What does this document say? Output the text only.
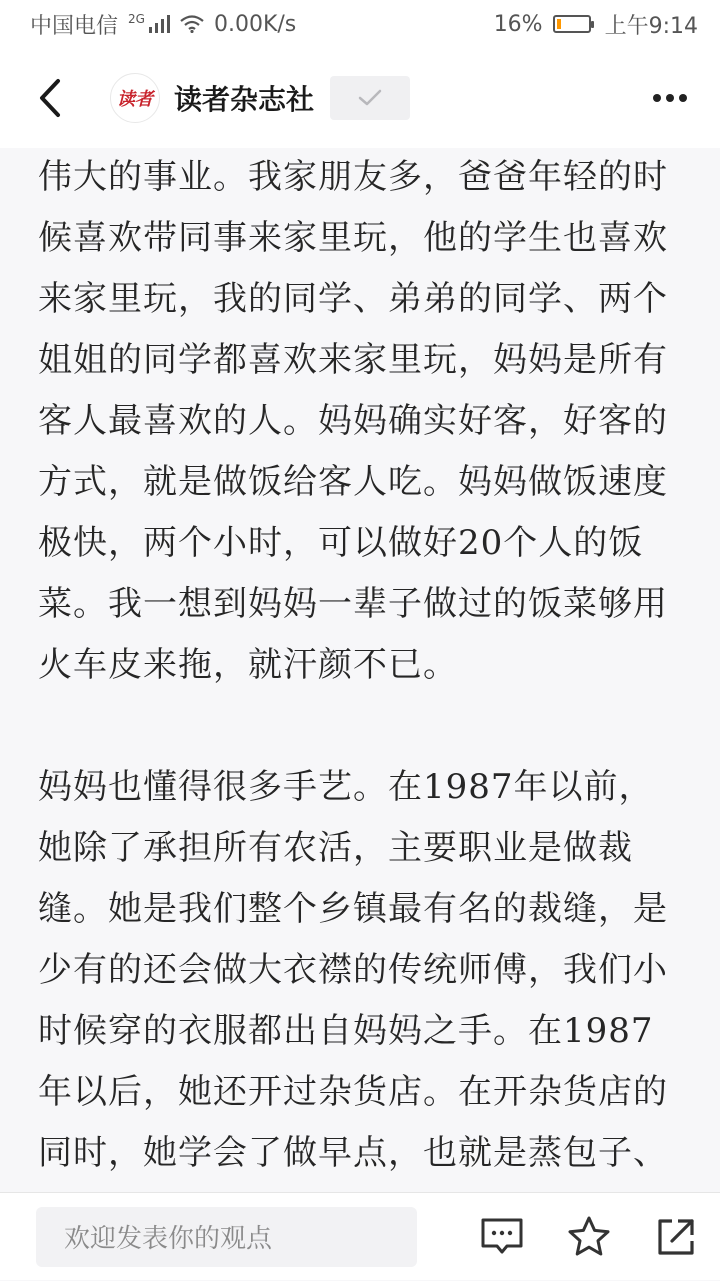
中国电信 2G	0.00K/s	16%	上午9:14
读者 读者杂志社

伟大的事业。我家朋友多，爸爸年轻的时候喜欢带同事来家里玩，他的学生也喜欢来家里玩，我的同学、弟弟的同学、两个姐姐的同学都喜欢来家里玩，妈妈是所有客人最喜欢的人。妈妈确实好客，好客的方式，就是做饭给客人吃。妈妈做饭速度极快，两个小时，可以做好20个人的饭菜。我一想到妈妈一辈子做过的饭菜够用火车皮来拖，就汗颜不已。

妈妈也懂得很多手艺。在1987年以前，她除了承担所有农活，主要职业是做裁缝。她是我们整个乡镇最有名的裁缝，是少有的还会做大衣襟的传统师傅，我们小时候穿的衣服都出自妈妈之手。在1987年以后，她还开过杂货店。在开杂货店的同时，她学会了做早点，也就是蒸包子、

欢迎发表你的观点
